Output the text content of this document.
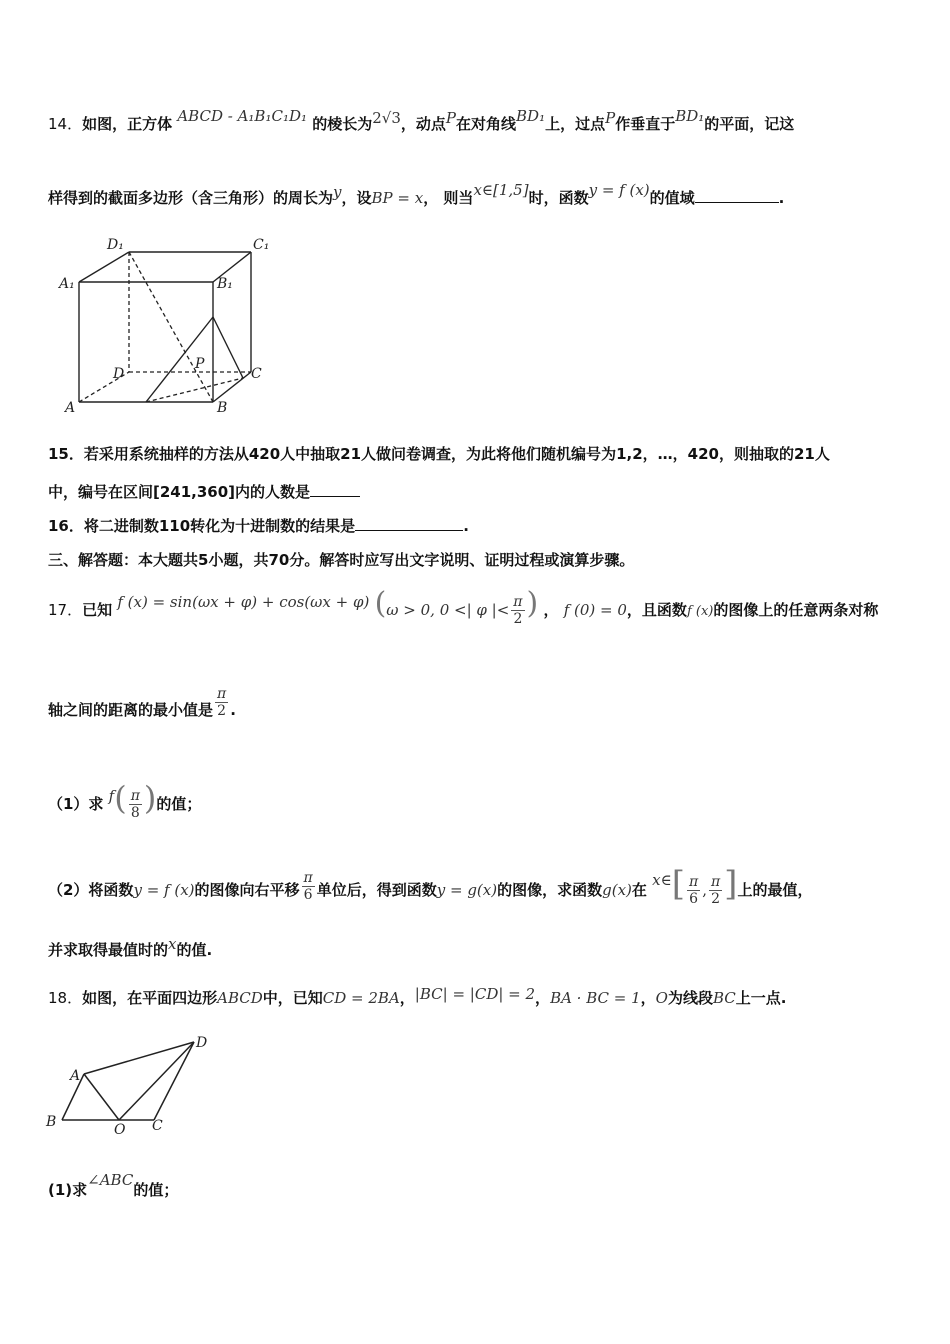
14．如图，正方体 ABCD - A₁B₁C₁D₁ 的棱长为2√3，动点P在对角线BD₁上，过点P作垂直于BD₁的平面，记这
样得到的截面多边形（含三角形）的周长为y，设BP = x， 则当x∈[1,5]时，函数y = f (x)的值域	.
D₁	C₁
A₁	B₁
D
P
C
A	B
15．若采用系统抽样的方法从420人中抽取21人做问卷调查，为此将他们随机编号为1,2，…，420，则抽取的21人
中，编号在区间[241,360]内的人数是
16．将二进制数110转化为十进制数的结果是	.
三、解答题：本大题共5小题，共70分。解答时应写出文字说明、证明过程或演算步骤。
17．已知 f (x) = sin(ωx + φ) + cos(ωx + φ) (ω > 0, 0 <| φ |< $\frac{\pi}{2}$ ) ， f (0) = 0，且函数f (x)的图像上的任意两条对称
轴之间的距离的最小值是 $\frac{\pi}{2}$ .
（1）求 $f( \frac{\pi}{8}$ )的值；
（2）将函数y = f (x)的图像向右平移 $\frac{\pi}{6}$ 单位后，得到函数y = g(x)的图像，求函数g(x)在 x∈[ $\frac{\pi}{6}$ , $\frac{\pi}{2}$ ]上的最值，
并求取得最值时的x的值.
18．如图，在平面四边形ABCD中，已知CD = 2BA，|BC| = |CD| = 2，BA · BC = 1，O为线段BC上一点.
D
A
B	O C
(1)求∠ABC的值；
